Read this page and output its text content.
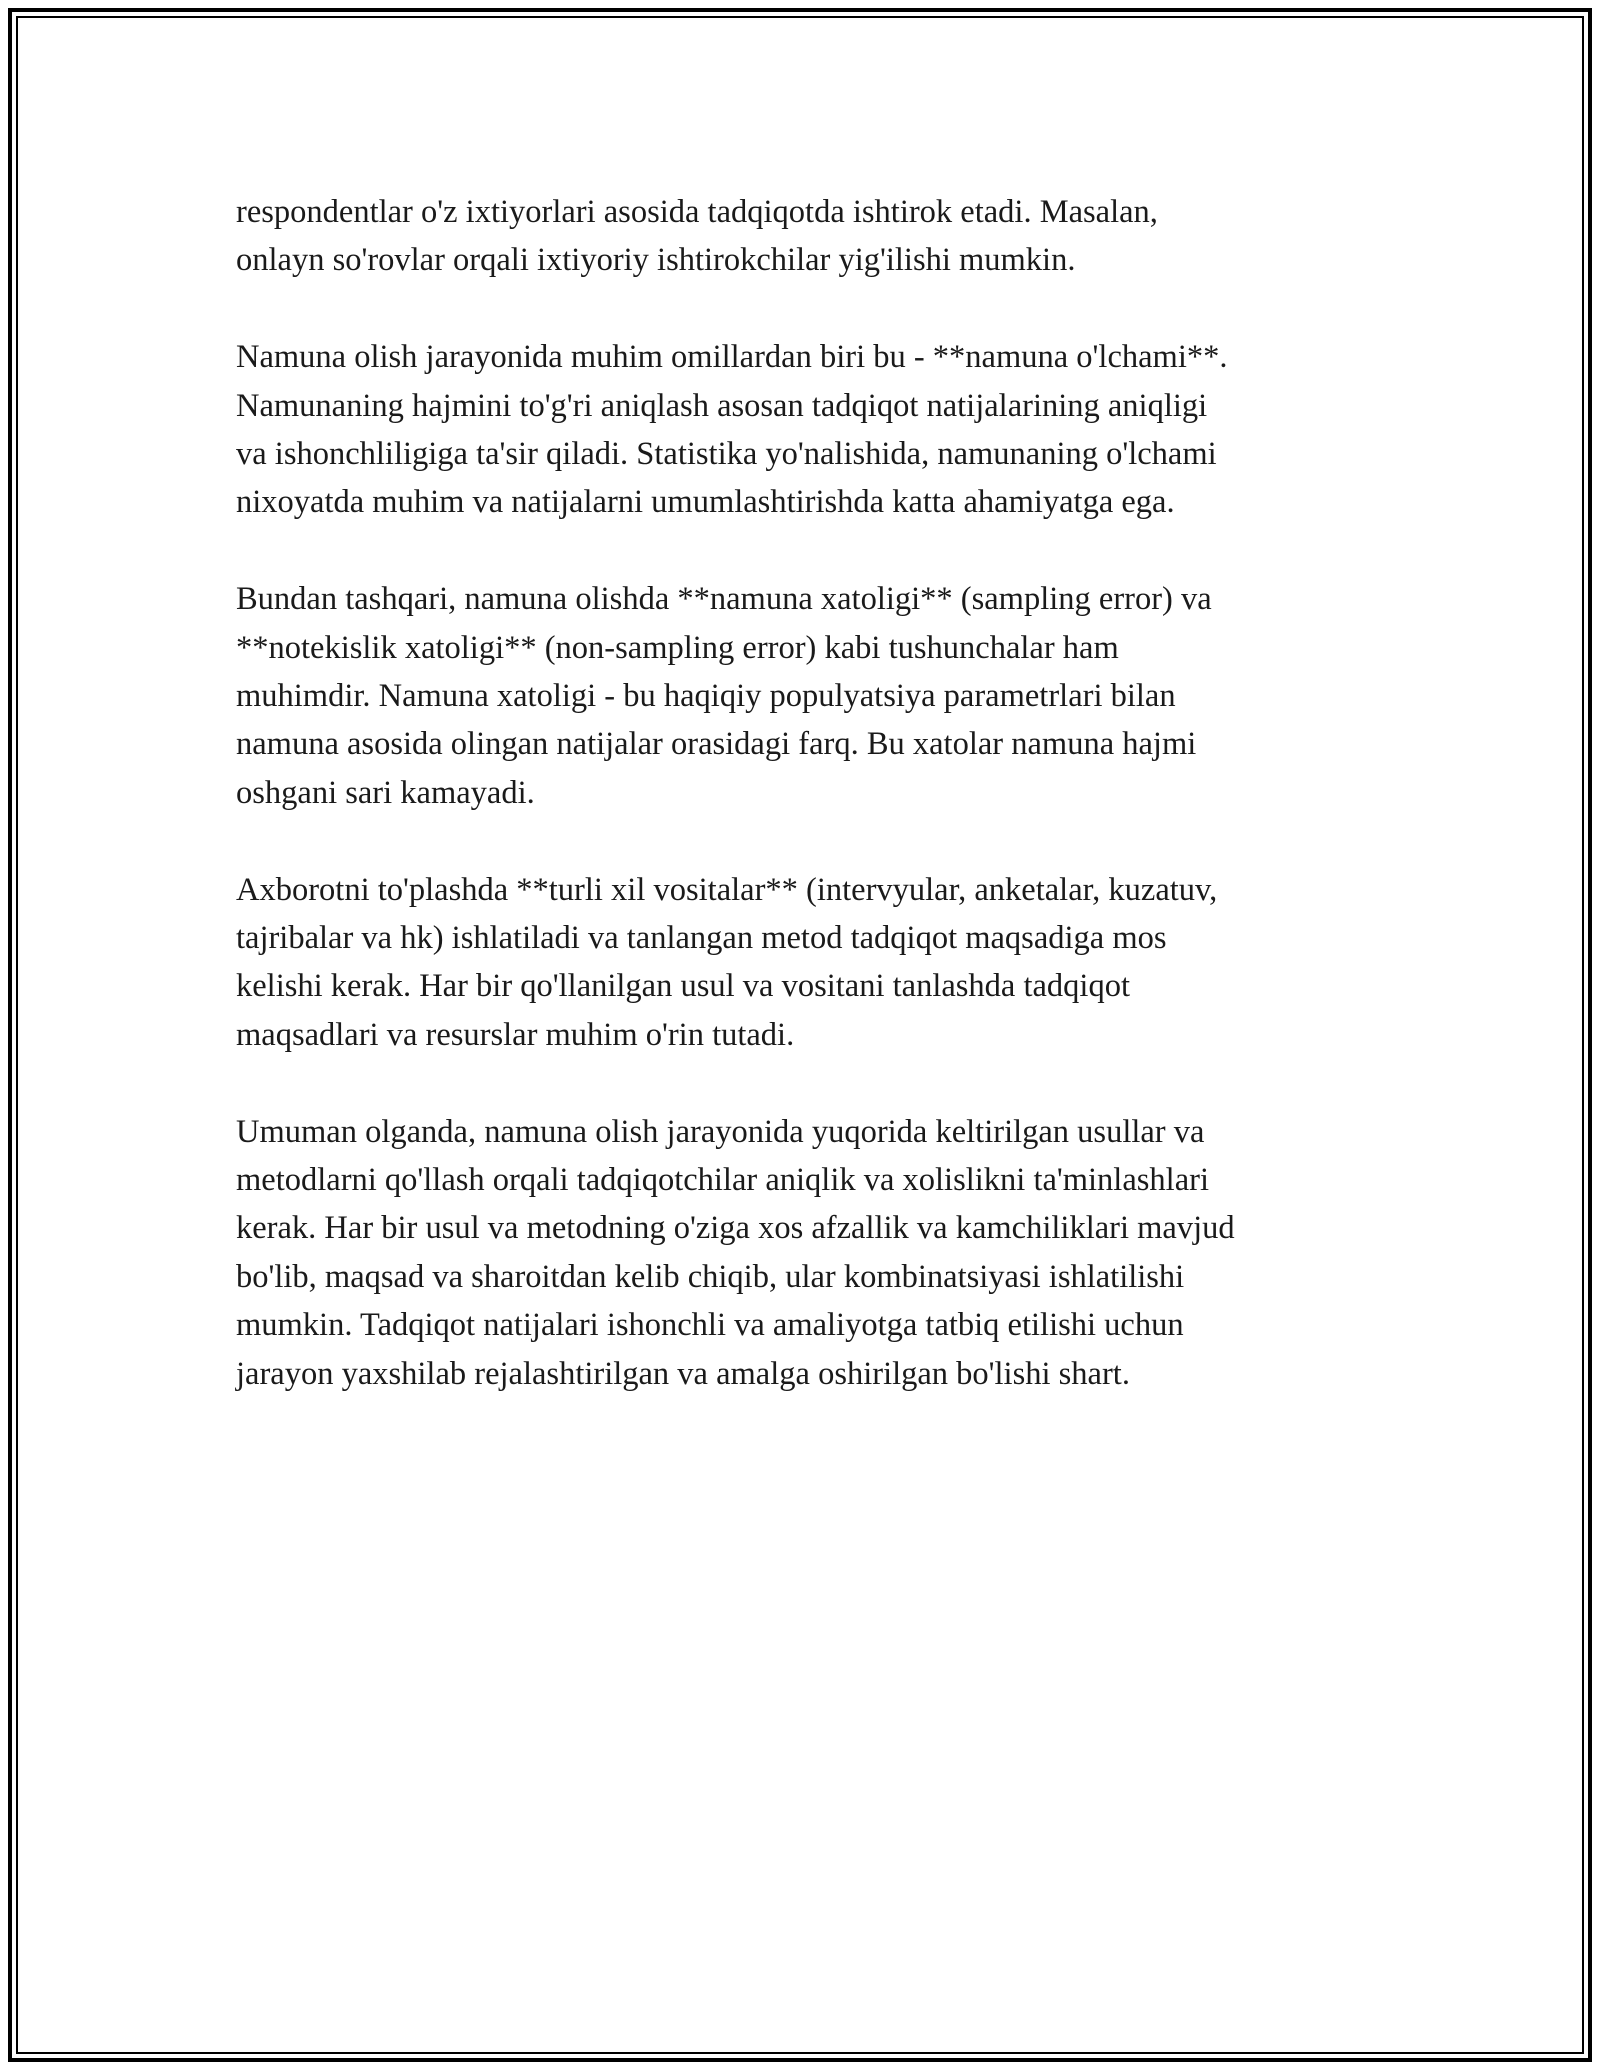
respondentlar o'z ixtiyorlari asosida tadqiqotda ishtirok etadi. Masalan,
onlayn so'rovlar orqali ixtiyoriy ishtirokchilar yig'ilishi mumkin.

Namuna olish jarayonida muhim omillardan biri bu - **namuna o'lchami**.
Namunaning hajmini to'g'ri aniqlash asosan tadqiqot natijalarining aniqligi
va ishonchliligiga ta'sir qiladi. Statistika yo'nalishida, namunaning o'lchami
nixoyatda muhim va natijalarni umumlashtirishda katta ahamiyatga ega.

Bundan tashqari, namuna olishda **namuna xatoligi** (sampling error) va
**notekislik xatoligi** (non-sampling error) kabi tushunchalar ham
muhimdir. Namuna xatoligi - bu haqiqiy populyatsiya parametrlari bilan
namuna asosida olingan natijalar orasidagi farq. Bu xatolar namuna hajmi
oshgani sari kamayadi.

Axborotni to'plashda **turli xil vositalar** (intervyular, anketalar, kuzatuv,
tajribalar va hk) ishlatiladi va tanlangan metod tadqiqot maqsadiga mos
kelishi kerak. Har bir qo'llanilgan usul va vositani tanlashda tadqiqot
maqsadlari va resurslar muhim o'rin tutadi.

Umuman olganda, namuna olish jarayonida yuqorida keltirilgan usullar va
metodlarni qo'llash orqali tadqiqotchilar aniqlik va xolislikni ta'minlashlari
kerak. Har bir usul va metodning o'ziga xos afzallik va kamchiliklari mavjud
bo'lib, maqsad va sharoitdan kelib chiqib, ular kombinatsiyasi ishlatilishi
mumkin. Tadqiqot natijalari ishonchli va amaliyotga tatbiq etilishi uchun
jarayon yaxshilab rejalashtirilgan va amalga oshirilgan bo'lishi shart.
